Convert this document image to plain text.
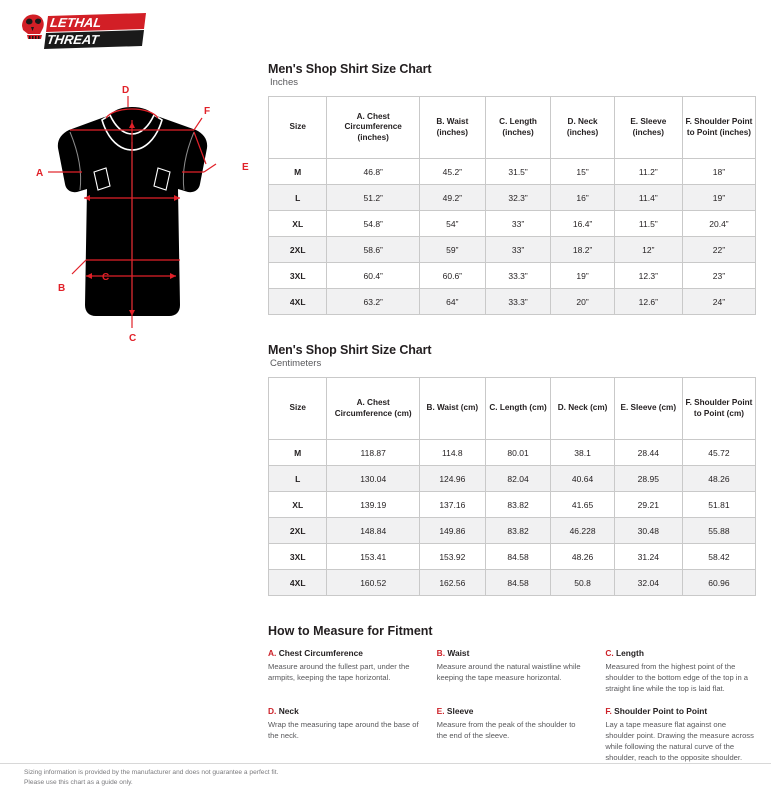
LETHAL
THREAT
D
F
E
A
C
B
C
Men's Shop Shirt Size Chart
Inches
Size	A. Chest Circumference (inches)	B. Waist (inches)	C. Length (inches)	D. Neck (inches)	E. Sleeve (inches)	F. Shoulder Point to Point (inches)
M	46.8”	45.2”	31.5”	15”	11.2”	18”
L	51.2”	49.2”	32.3”	16”	11.4”	19”
XL	54.8”	54”	33”	16.4”	11.5”	20.4”
2XL	58.6”	59”	33”	18.2”	12”	22”
3XL	60.4”	60.6”	33.3”	19”	12.3”	23”
4XL	63.2”	64”	33.3”	20”	12.6”	24”
Men's Shop Shirt Size Chart
Centimeters
Size	A. Chest Circumference (cm)	B. Waist (cm)	C. Length (cm)	D. Neck (cm)	E. Sleeve (cm)	F. Shoulder Point to Point (cm)
M	118.87	114.8	80.01	38.1	28.44	45.72
L	130.04	124.96	82.04	40.64	28.95	48.26
XL	139.19	137.16	83.82	41.65	29.21	51.81
2XL	148.84	149.86	83.82	46.228	30.48	55.88
3XL	153.41	153.92	84.58	48.26	31.24	58.42
4XL	160.52	162.56	84.58	50.8	32.04	60.96
How to Measure for Fitment
A. Chest Circumference

Measure around the fullest part, under the armpits, keeping the tape horizontal.

B. Waist

Measure around the natural waistline while keeping the tape measure horizontal.

C. Length

Measured from the highest point of the shoulder to the bottom edge of the top in a straight line while the top is laid flat.

D. Neck

Wrap the measuring tape around the base of the neck.

E. Sleeve

Measure from the peak of the shoulder to the end of the sleeve.

F. Shoulder Point to Point

Lay a tape measure flat against one shoulder point. Drawing the measure across while following the natural curve of the shoulder, reach to the opposite shoulder.

Sizing information is provided by the manufacturer and does not guarantee a perfect fit.
Please use this chart as a guide only.
